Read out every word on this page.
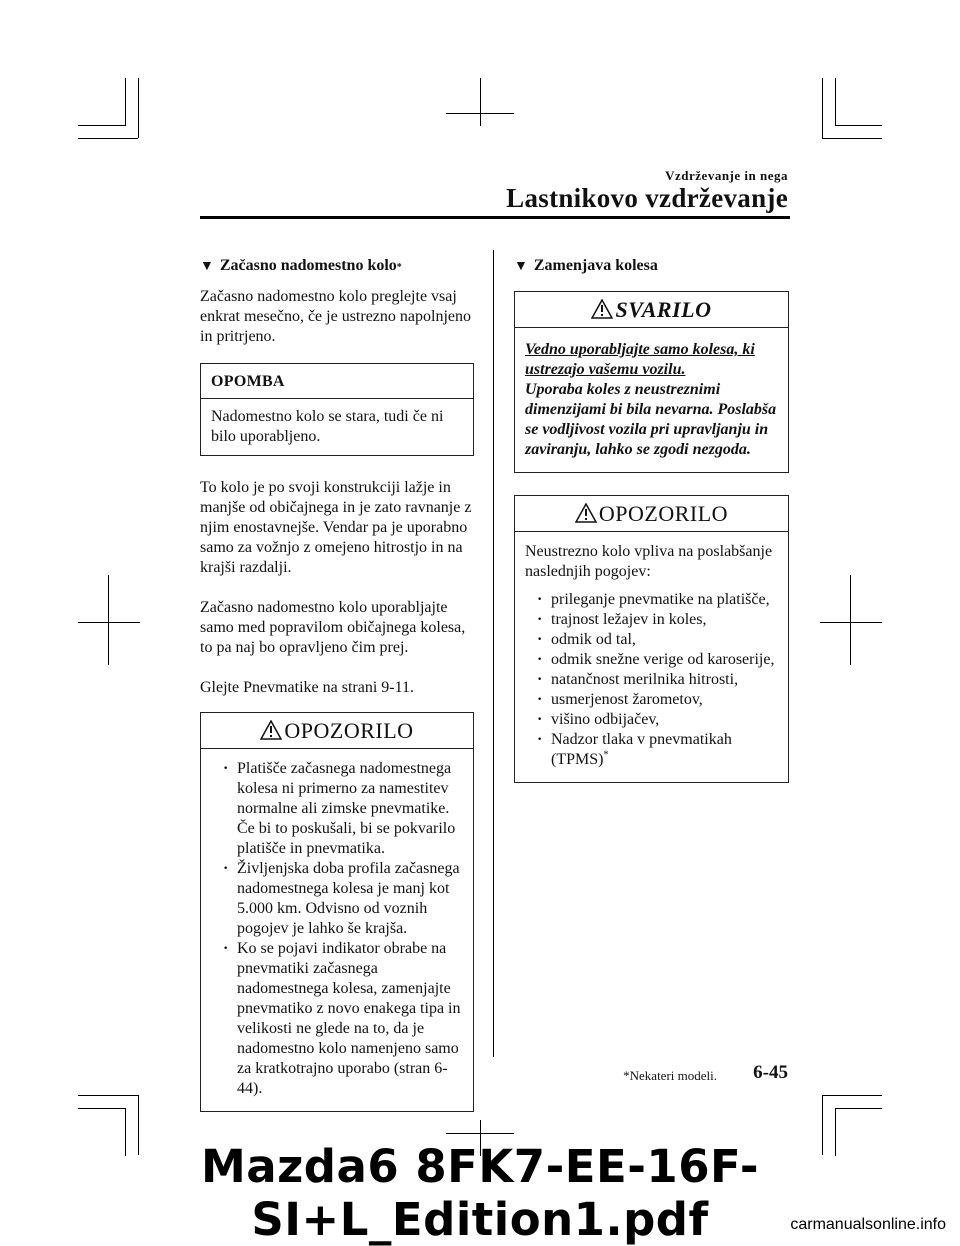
Vzdrževanje in nega
Lastnikovo vzdrževanje
▼ Začasno nadomestno kolo *

Začasno nadomestno kolo preglejte vsaj enkrat mesečno, če je ustrezno napolnjeno in pritrjeno.

OPOMBA
Nadomestno kolo se stara, tudi če ni bilo uporabljeno.

To kolo je po svoji konstrukciji lažje in manjše od običajnega in je zato ravnanje z njim enostavnejše. Vendar pa je uporabno samo za vožnjo z omejeno hitrostjo in na krajši razdalji.

Začasno nadomestno kolo uporabljajte samo med popravilom običajnega kolesa, to pa naj bo opravljeno čim prej.

Glejte Pnevmatike na strani 9-11.

OPOZORILO
· Platišče začasnega nadomestnega kolesa ni primerno za namestitev normalne ali zimske pnevmatike. Če bi to poskušali, bi se pokvarilo platišče in pnevmatika.
· Življenjska doba profila začasnega nadomestnega kolesa je manj kot 5.000 km. Odvisno od voznih pogojev je lahko še krajša.
· Ko se pojavi indikator obrabe na pnevmatiki začasnega nadomestnega kolesa, zamenjajte pnevmatiko z novo enakega tipa in velikosti ne glede na to, da je nadomestno kolo namenjeno samo za kratkotrajno uporabo (stran 6-44).
▼ Zamenjava kolesa
SVARILO

Vedno uporabljajte samo kolesa, ki ustrezajo vašemu vozilu.

Uporaba koles z neustreznimi dimenzijami bi bila nevarna. Poslabša se vodljivost vozila pri upravljanju in zaviranju, lahko se zgodi nezgoda.

OPOZORILO

Neustrezno kolo vpliva na poslabšanje naslednjih pogojev:

· prileganje pnevmatike na platišče,
· trajnost ležajev in koles,
· odmik od tal,
· odmik snežne verige od karoserije,
· natančnost merilnika hitrosti,
· usmerjenost žarometov,
· višino odbijačev,
· Nadzor tlaka v pnevmatikah (TPMS)*
*Nekateri modeli. 6-45
Mazda6 8FK7-EE-16F-SI+L_Edition1.pdf	carmanualsonline.info
